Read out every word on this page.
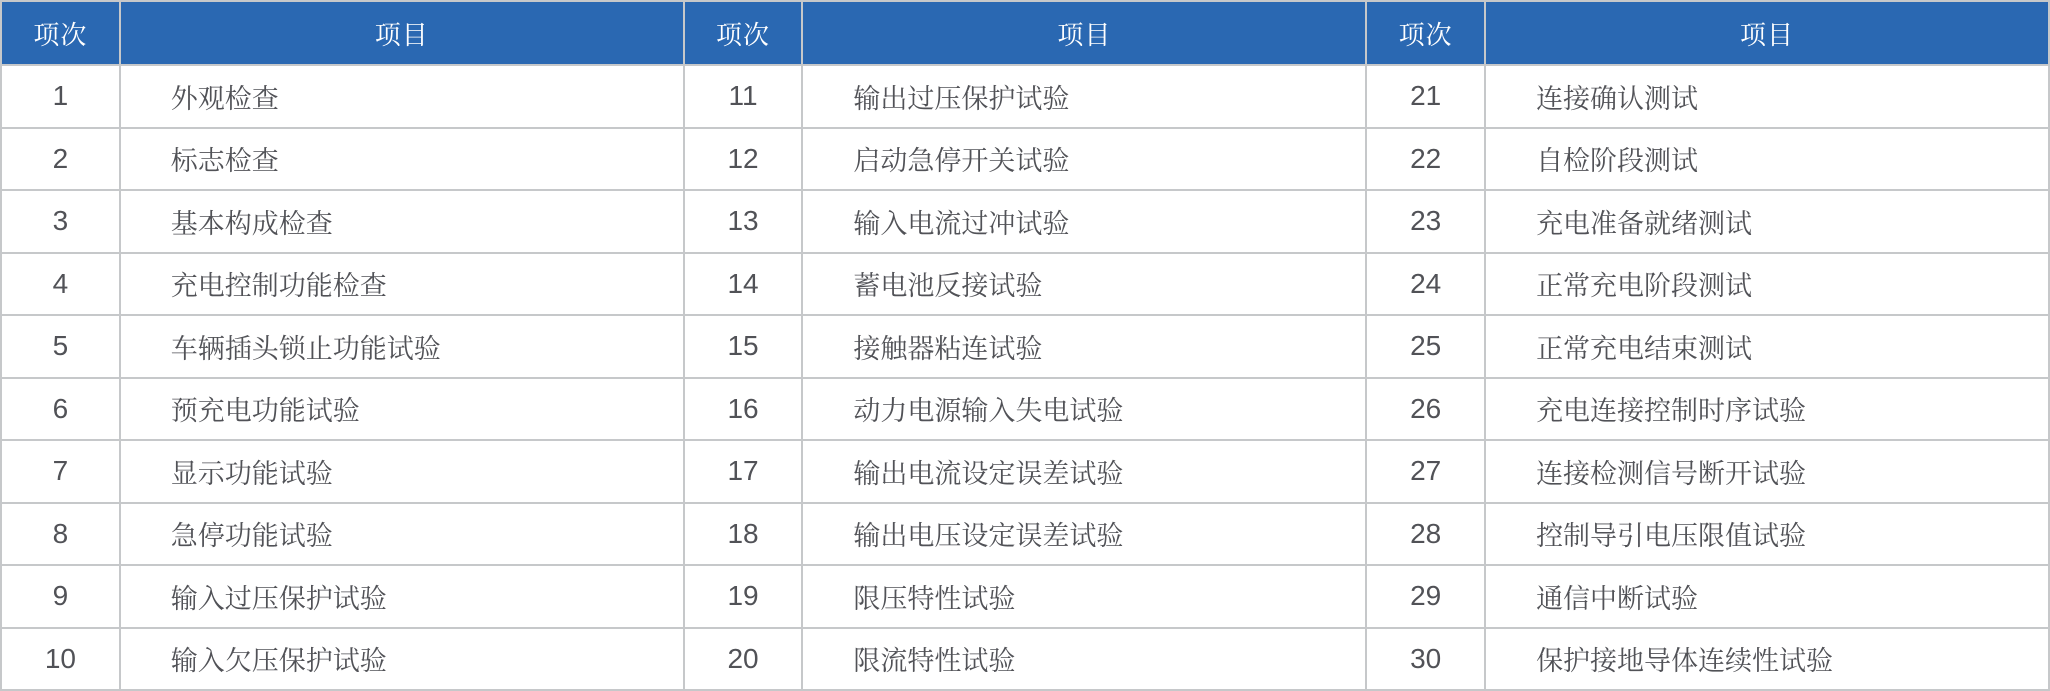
项次	项目	项次	项目	项次	项目
1	外观检查	11	输出过压保护试验	21	连接确认测试
2	标志检查	12	启动急停开关试验	22	自检阶段测试
3	基本构成检查	13	输入电流过冲试验	23	充电准备就绪测试
4	充电控制功能检查	14	蓄电池反接试验	24	正常充电阶段测试
5	车辆插头锁止功能试验	15	接触器粘连试验	25	正常充电结束测试
6	预充电功能试验	16	动力电源输入失电试验	26	充电连接控制时序试验
7	显示功能试验	17	输出电流设定误差试验	27	连接检测信号断开试验
8	急停功能试验	18	输出电压设定误差试验	28	控制导引电压限值试验
9	输入过压保护试验	19	限压特性试验	29	通信中断试验
10	输入欠压保护试验	20	限流特性试验	30	保护接地导体连续性试验
